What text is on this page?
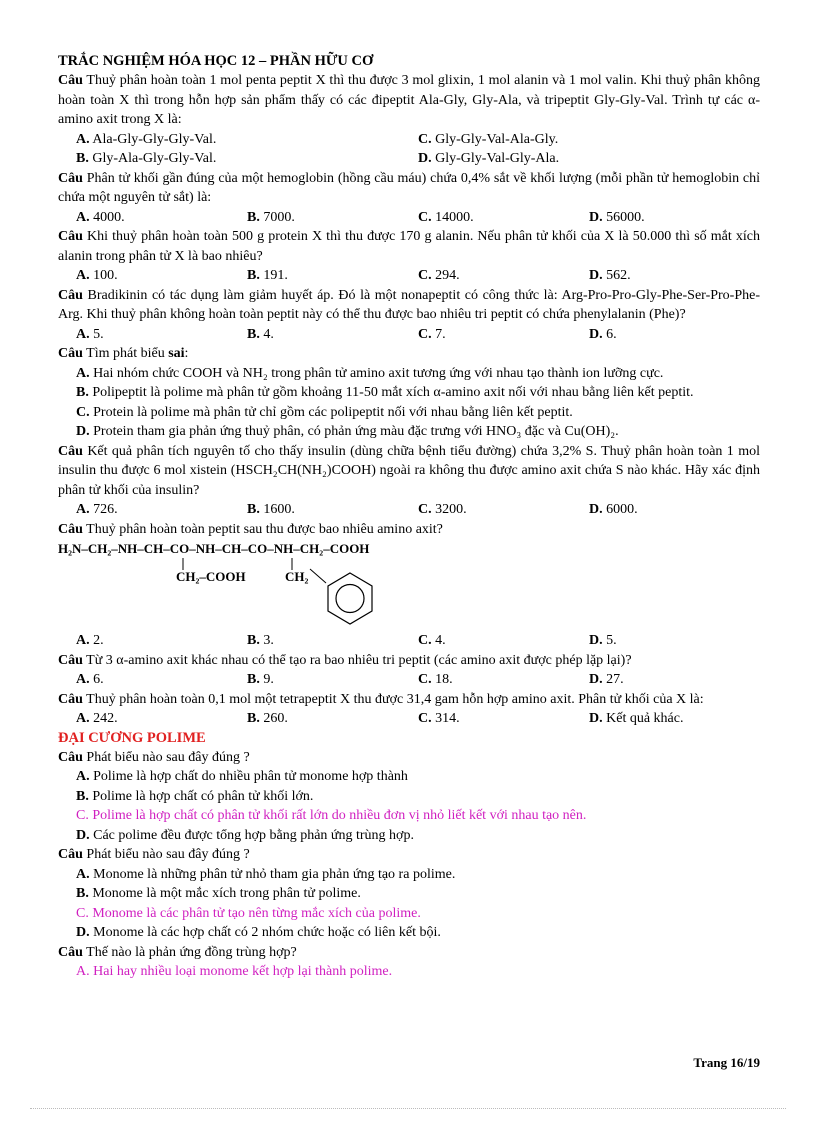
TRẮC NGHIỆM HÓA HỌC 12 – PHẦN HỮU CƠ
Câu Thuỷ phân hoàn toàn 1 mol penta peptit X thì thu được 3 mol glixin, 1 mol alanin và 1 mol valin. Khi thuỷ phân không hoàn toàn X thì trong hỗn hợp sản phẩm thấy có các đipeptit Ala-Gly, Gly-Ala, và tripeptit Gly-Gly-Val. Trình tự các α-amino axit trong X là:
A. Ala-Gly-Gly-Gly-Val.	C. Gly-Gly-Val-Ala-Gly.
B. Gly-Ala-Gly-Gly-Val.	D. Gly-Gly-Val-Gly-Ala.
Câu Phân tử khối gần đúng của một hemoglobin (hồng cầu máu) chứa 0,4% sắt về khối lượng (mỗi phần tử hemoglobin chỉ chứa một nguyên tử sắt) là:
A. 4000.	B. 7000.	C. 14000.	D. 56000.
Câu Khi thuỷ phân hoàn toàn 500 g protein X thì thu được 170 g alanin. Nếu phân tử khối của X là 50.000 thì số mắt xích alanin trong phân tử X là bao nhiêu?
A. 100.	B. 191.	C. 294.	D. 562.
Câu Bradikinin có tác dụng làm giảm huyết áp. Đó là một nonapeptit có công thức là: Arg-Pro-Pro-Gly-Phe-Ser-Pro-Phe-Arg. Khi thuỷ phân không hoàn toàn peptit này có thể thu được bao nhiêu tri peptit có chứa phenylalanin (Phe)?
A. 5.	B. 4.	C. 7.	D. 6.
Câu Tìm phát biểu sai:
A. Hai nhóm chức COOH và NH₂ trong phân tử amino axit tương ứng với nhau tạo thành ion lưỡng cực.
B. Polipeptit là polime mà phân tử gồm khoảng 11-50 mắt xích α-amino axit nối với nhau bằng liên kết peptit.
C. Protein là polime mà phân tử chỉ gồm các polipeptit nối với nhau bằng liên kết peptit.
D. Protein tham gia phản ứng thuỷ phân, có phản ứng màu đặc trưng với HNO₃ đặc và Cu(OH)₂.
Câu Kết quả phân tích nguyên tố cho thấy insulin (dùng chữa bệnh tiểu đường) chứa 3,2% S. Thuỷ phân hoàn toàn 1 mol insulin thu được 6 mol xistein (HSCH₂CH(NH₂)COOH) ngoài ra không thu được amino axit chứa S nào khác. Hãy xác định phân tử khối của insulin?
A. 726.	B. 1600.	C. 3200.	D. 6000.
Câu Thuỷ phân hoàn toàn peptit sau thu được bao nhiêu amino axit?
H₂N–CH₂–NH–CH–CO–NH–CH–CO–NH–CH₂–COOH
CH₂–COOH	CH₂
A. 2.	B. 3.	C. 4.	D. 5.
Câu Từ 3 α-amino axit khác nhau có thể tạo ra bao nhiêu tri peptit (các amino axit được phép lặp lại)?
A. 6.	B. 9.	C. 18.	D. 27.
Câu Thuỷ phân hoàn toàn 0,1 mol một tetrapeptit X thu được 31,4 gam hỗn hợp amino axit. Phân tử khối của X là:
A. 242.	B. 260.	C. 314.	D. Kết quả khác.
ĐẠI CƯƠNG POLIME
Câu Phát biểu nào sau đây đúng ?
A. Polime là hợp chất do nhiều phân tử monome hợp thành
B. Polime là hợp chất có phân tử khối lớn.
C. Polime là hợp chất có phân tử khối rất lớn do nhiều đơn vị nhỏ liết kết với nhau tạo nên.
D. Các polime đều được tổng hợp bằng phản ứng trùng hợp.
Câu Phát biểu nào sau đây đúng ?
A. Monome là những phân tử nhỏ tham gia phản ứng tạo ra polime.
B. Monome là một mắc xích trong phân tử polime.
C. Monome là các phân tử tạo nên từng mắc xích của polime.
D. Monome là các hợp chất có 2 nhóm chức hoặc có liên kết bội.
Câu Thế nào là phản ứng đồng trùng hợp?
A. Hai hay nhiều loại monome kết hợp lại thành polime.
Trang 16/19
